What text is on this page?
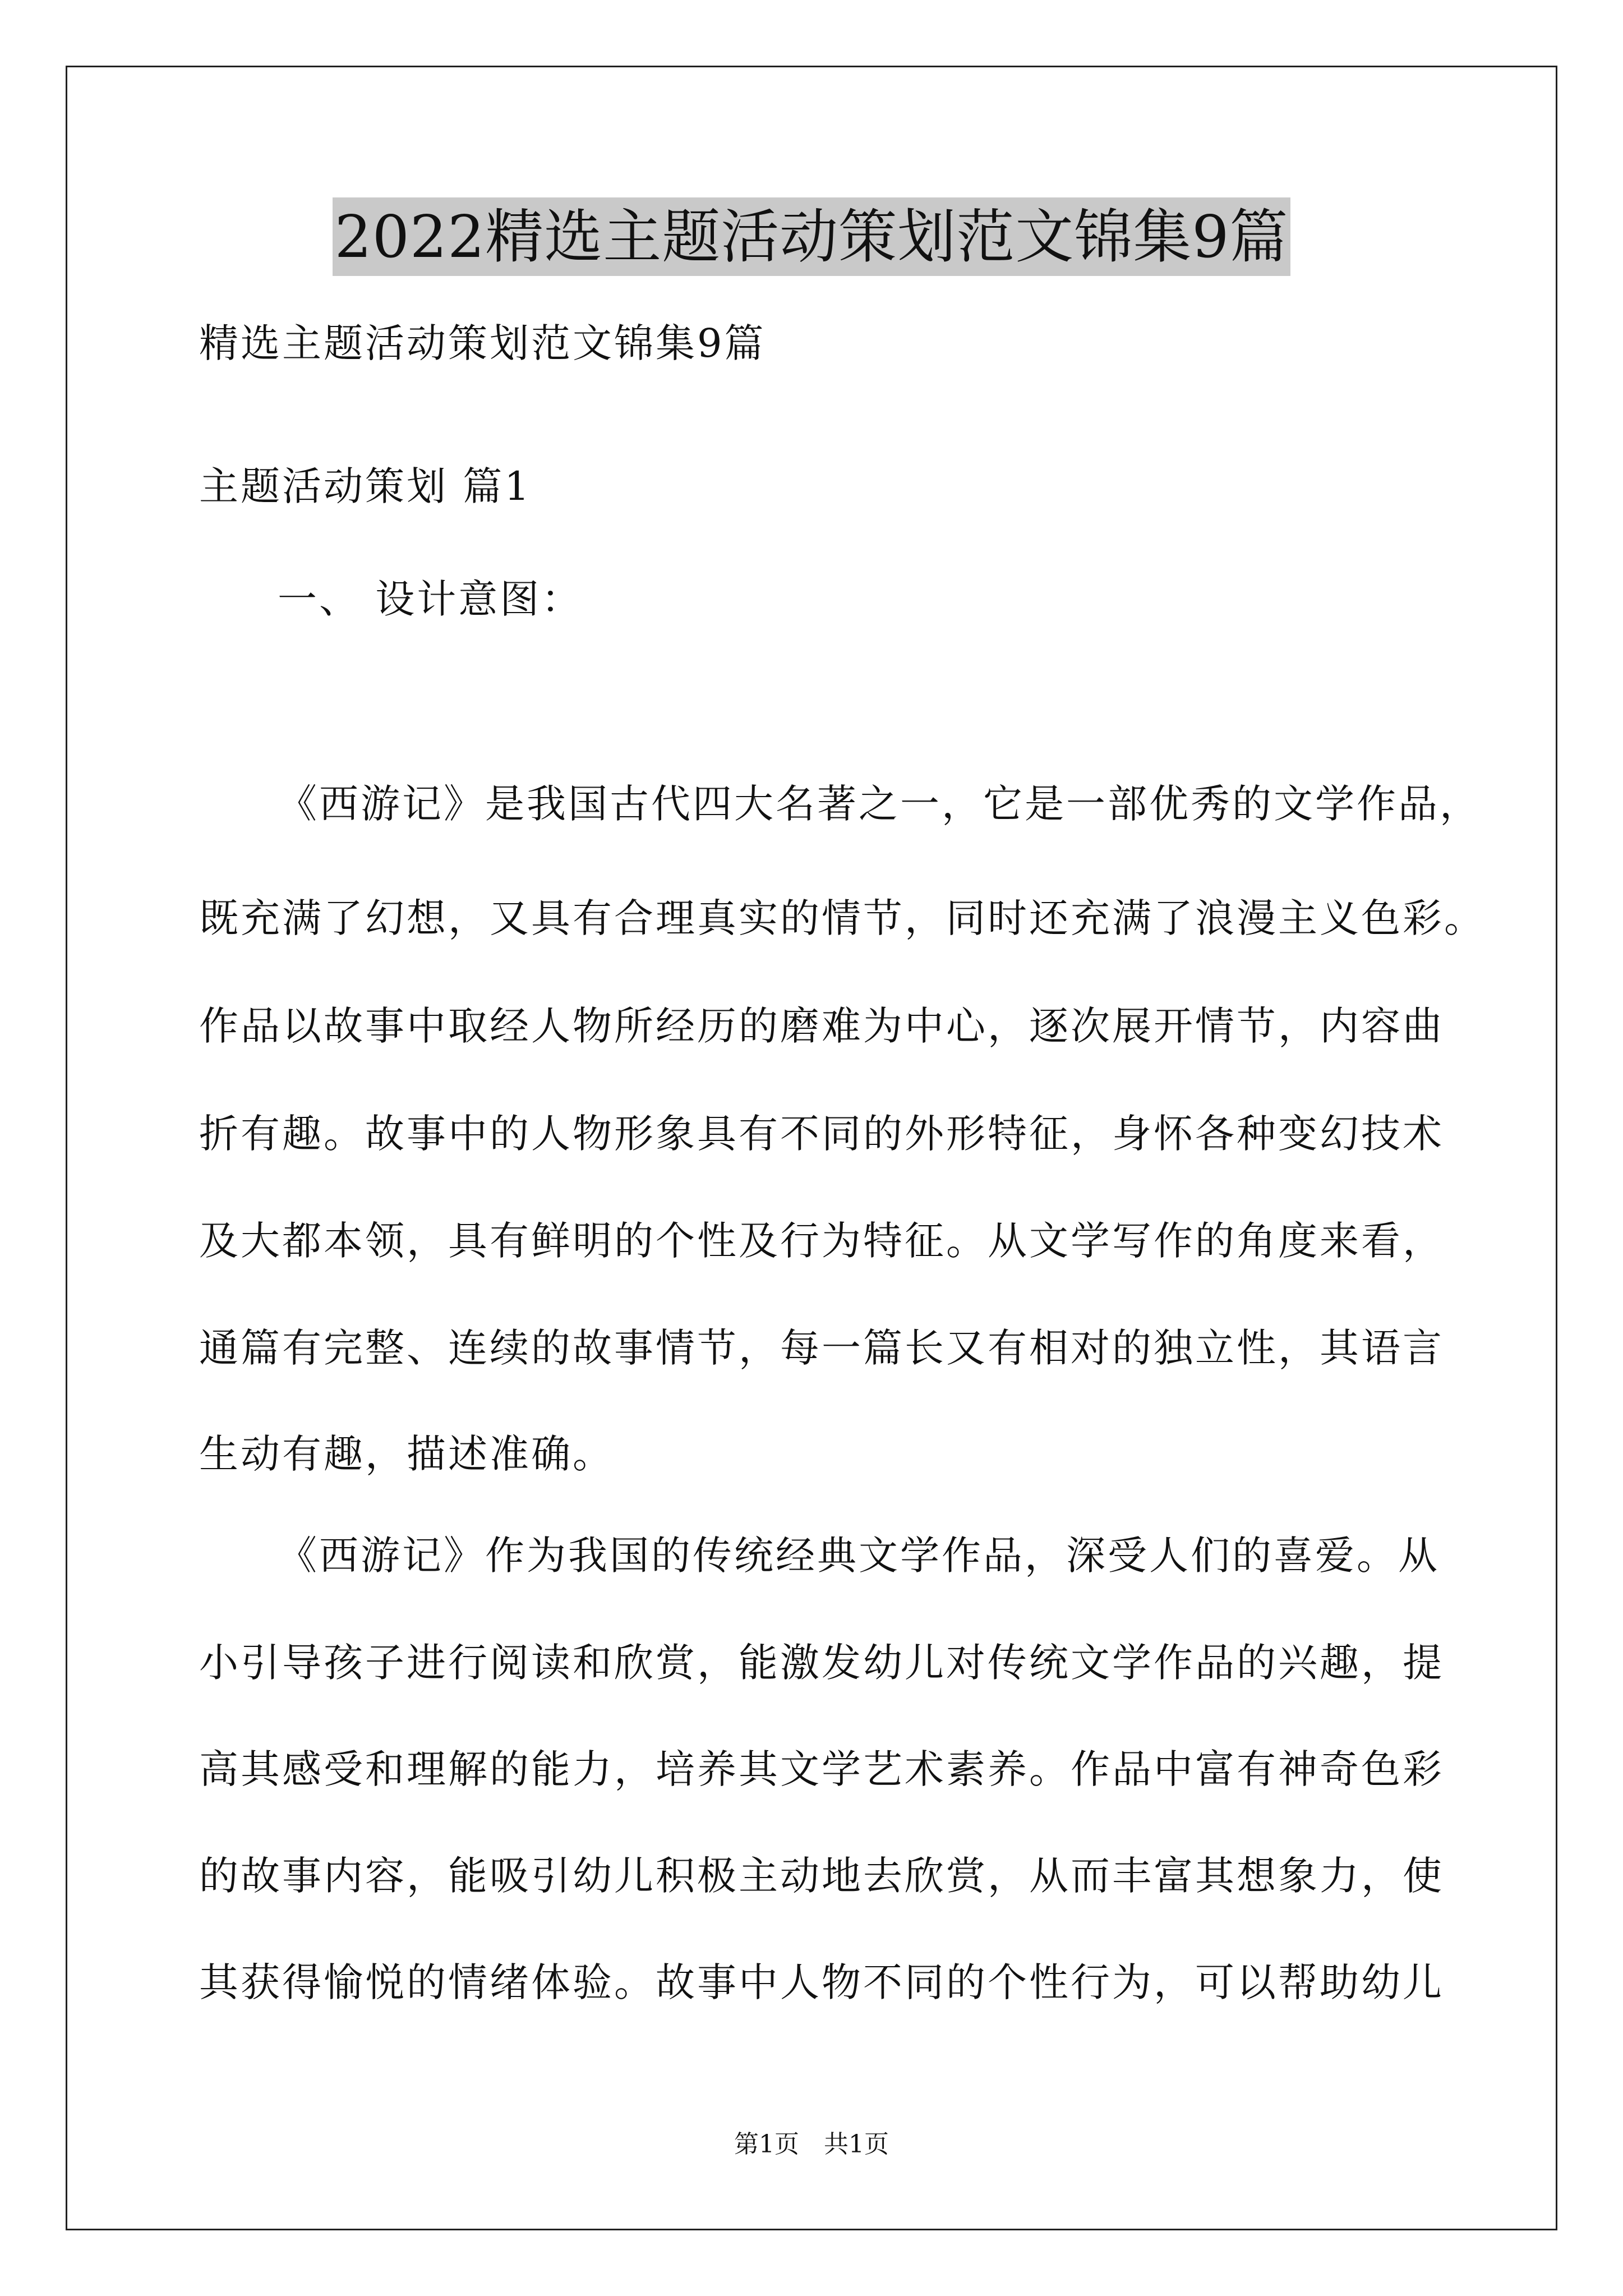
2022精选主题活动策划范文锦集9篇
精选主题活动策划范文锦集9篇
主题活动策划 篇1
一、 设计意图：
《西游记》是我国古代四大名著之一，它是一部优秀的文学作品，
既充满了幻想，又具有合理真实的情节，同时还充满了浪漫主义色彩。
作品以故事中取经人物所经历的磨难为中心，逐次展开情节，内容曲
折有趣。故事中的人物形象具有不同的外形特征，身怀各种变幻技术
及大都本领，具有鲜明的个性及行为特征。从文学写作的角度来看，
通篇有完整、连续的故事情节，每一篇长又有相对的独立性，其语言
生动有趣，描述准确。
《西游记》作为我国的传统经典文学作品，深受人们的喜爱。从
小引导孩子进行阅读和欣赏，能激发幼儿对传统文学作品的兴趣，提
高其感受和理解的能力，培养其文学艺术素养。作品中富有神奇色彩
的故事内容，能吸引幼儿积极主动地去欣赏，从而丰富其想象力，使
其获得愉悦的情绪体验。故事中人物不同的个性行为，可以帮助幼儿
第1页　共1页
